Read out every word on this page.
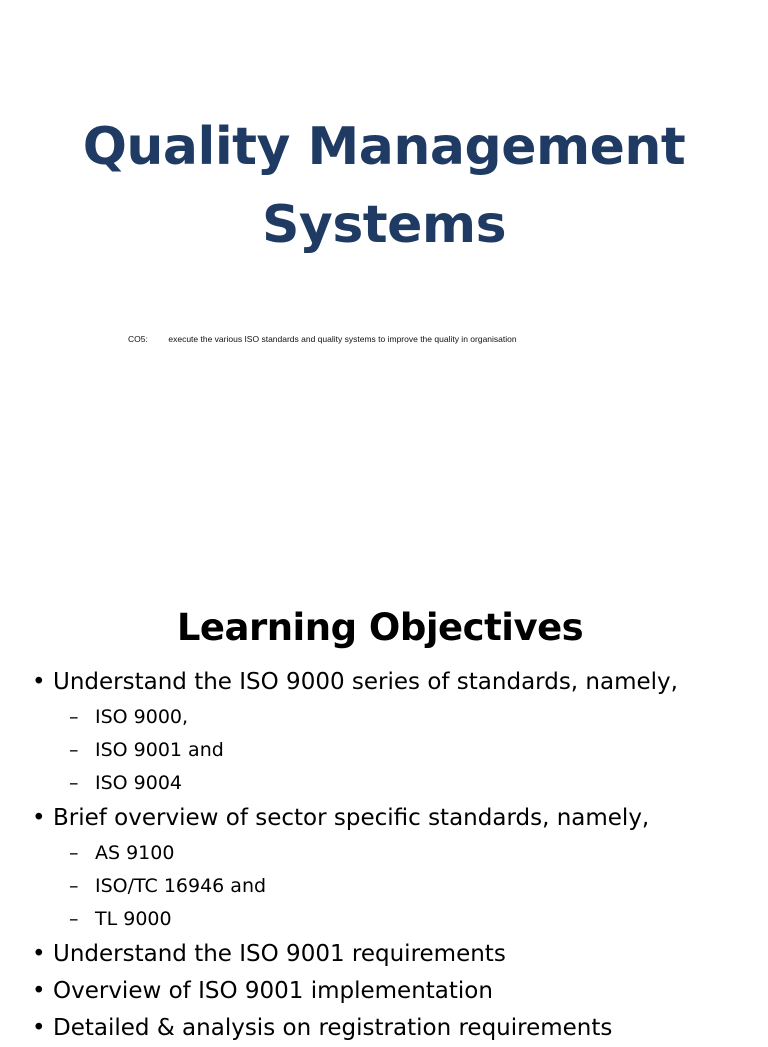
Quality Management Systems
CO5: execute the various ISO standards and quality systems to improve the quality in organisation
Learning Objectives
• Understand the ISO 9000 series of standards, namely,
– ISO 9000,
– ISO 9001 and
– ISO 9004
• Brief overview of sector specific standards, namely,
– AS 9100
– ISO/TC 16946 and
– TL 9000
• Understand the ISO 9001 requirements
• Overview of ISO 9001 implementation
• Detailed & analysis on registration requirements
